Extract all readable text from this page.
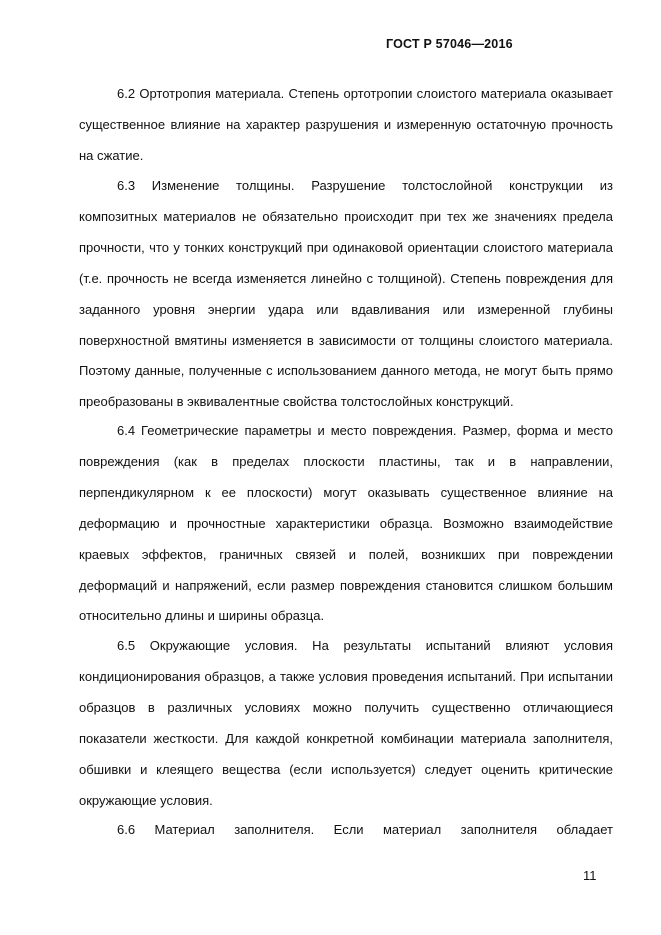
ГОСТ Р 57046—2016

6.2 Ортотропия материала. Степень ортотропии слоистого материала оказывает существенное влияние на характер разрушения и измеренную остаточную прочность на сжатие.

6.3 Изменение толщины. Разрушение толстослойной конструкции из композитных материалов не обязательно происходит при тех же значениях предела прочности, что у тонких конструкций при одинаковой ориентации слоистого материала (т.е. прочность не всегда изменяется линейно с толщиной). Степень повреждения для заданного уровня энергии удара или вдавливания или измеренной глубины поверхностной вмятины изменяется в зависимости от толщины слоистого материала. Поэтому данные, полученные с использованием данного метода, не могут быть прямо преобразованы в эквивалентные свойства толстослойных конструкций.

6.4 Геометрические параметры и место повреждения. Размер, форма и место повреждения (как в пределах плоскости пластины, так и в направлении, перпендикулярном к ее плоскости) могут оказывать существенное влияние на деформацию и прочностные характеристики образца. Возможно взаимодействие краевых эффектов, граничных связей и полей, возникших при повреждении деформаций и напряжений, если размер повреждения становится слишком большим относительно длины и ширины образца.

6.5 Окружающие условия. На результаты испытаний влияют условия кондиционирования образцов, а также условия проведения испытаний. При испытании образцов в различных условиях можно получить существенно отличающиеся показатели жесткости. Для каждой конкретной комбинации материала заполнителя, обшивки и клеящего вещества (если используется) следует оценить критические окружающие условия.

6.6 Материал заполнителя. Если материал заполнителя обладает

11
